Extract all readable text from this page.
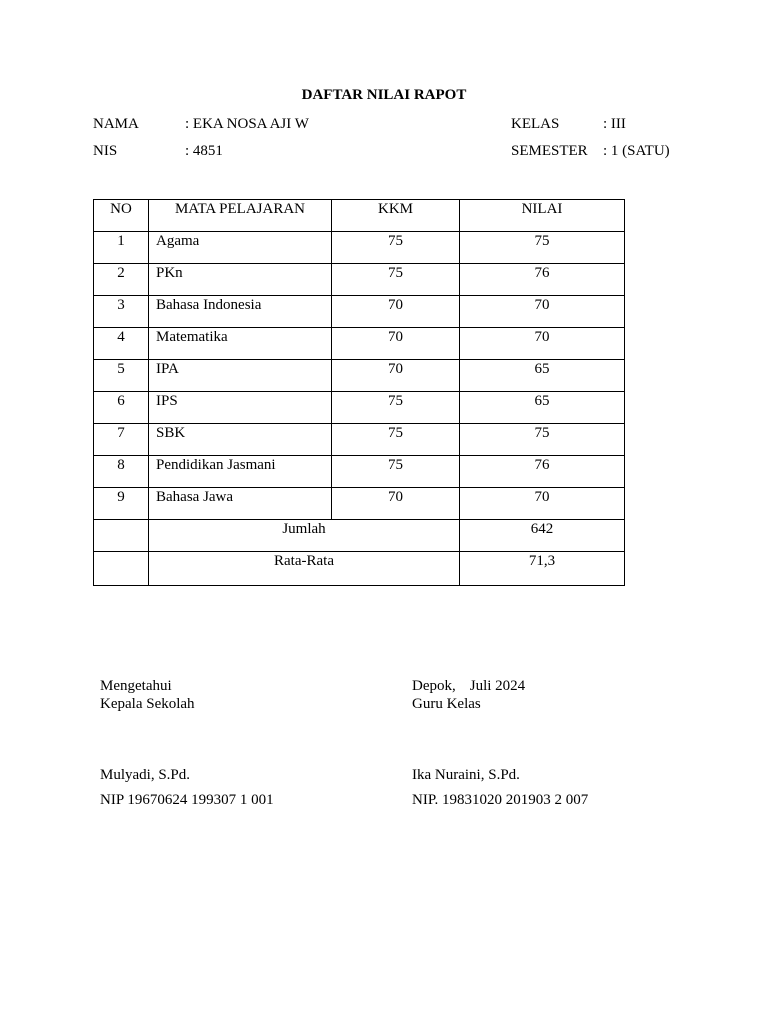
DAFTAR NILAI RAPOT
NAMA	: EKA NOSA AJI W	KELAS	: III
NIS	: 4851	SEMESTER : 1 (SATU)
NO	MATA PELAJARAN	KKM	NILAI
1	Agama	75	75
2	PKn	75	76
3	Bahasa Indonesia	70	70
4	Matematika	70	70
5	IPA	70	65
6	IPS	75	65
7	SBK	75	75
8	Pendidikan Jasmani	75	76
9	Bahasa Jawa	70	70
	Jumlah		642
	Rata-Rata		71,3
Mengetahui
Kepala Sekolah
Mulyadi, S.Pd.
NIP 19670624 199307 1 001
Depok, Juli 2024
Guru Kelas
Ika Nuraini, S.Pd.
NIP. 19831020 201903 2 007
